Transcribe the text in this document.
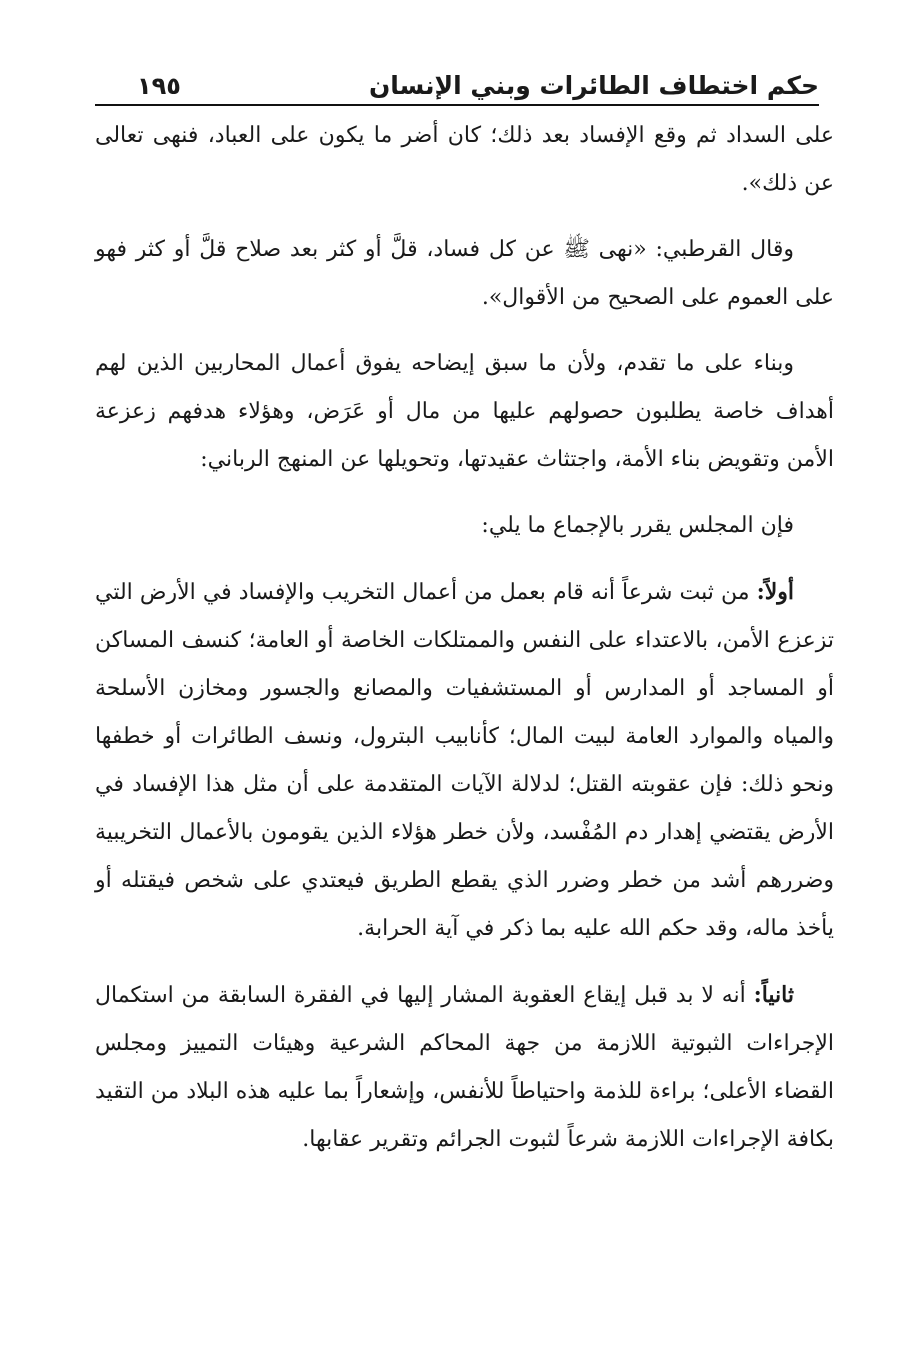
حكم اختطاف الطائرات وبني الإنسان
١٩٥

على السداد ثم وقع الإفساد بعد ذلك؛ كان أضر ما يكون على العباد، فنهى تعالى عن ذلك».

وقال القرطبي: «نهى ﷺ عن كل فساد، قلَّ أو كثر بعد صلاح قلَّ أو كثر فهو على العموم على الصحيح من الأقوال».

وبناء على ما تقدم، ولأن ما سبق إيضاحه يفوق أعمال المحاربين الذين لهم أهداف خاصة يطلبون حصولهم عليها من مال أو عَرَض، وهؤلاء هدفهم زعزعة الأمن وتقويض بناء الأمة، واجتثاث عقيدتها، وتحويلها عن المنهج الرباني:

فإن المجلس يقرر بالإجماع ما يلي:

أولاً: من ثبت شرعاً أنه قام بعمل من أعمال التخريب والإفساد في الأرض التي تزعزع الأمن، بالاعتداء على النفس والممتلكات الخاصة أو العامة؛ كنسف المساكن أو المساجد أو المدارس أو المستشفيات والمصانع والجسور ومخازن الأسلحة والمياه والموارد العامة لبيت المال؛ كأنابيب البترول، ونسف الطائرات أو خطفها ونحو ذلك: فإن عقوبته القتل؛ لدلالة الآيات المتقدمة على أن مثل هذا الإفساد في الأرض يقتضي إهدار دم المُفْسد، ولأن خطر هؤلاء الذين يقومون بالأعمال التخريبية وضررهم أشد من خطر وضرر الذي يقطع الطريق فيعتدي على شخص فيقتله أو يأخذ ماله، وقد حكم الله عليه بما ذكر في آية الحرابة.

ثانياً: أنه لا بد قبل إيقاع العقوبة المشار إليها في الفقرة السابقة من استكمال الإجراءات الثبوتية اللازمة من جهة المحاكم الشرعية وهيئات التمييز ومجلس القضاء الأعلى؛ براءة للذمة واحتياطاً للأنفس، وإشعاراً بما عليه هذه البلاد من التقيد بكافة الإجراءات اللازمة شرعاً لثبوت الجرائم وتقرير عقابها.
